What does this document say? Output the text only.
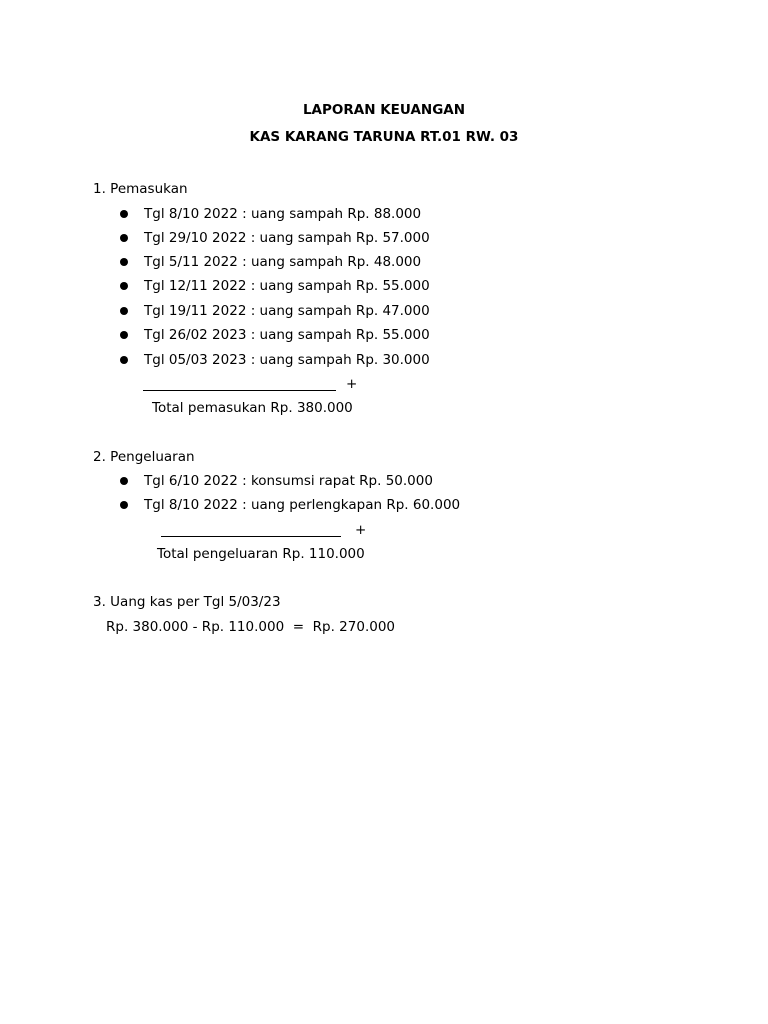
LAPORAN KEUANGAN
KAS KARANG TARUNA RT.01 RW. 03
1. Pemasukan
Tgl 8/10 2022 : uang sampah Rp. 88.000
Tgl 29/10 2022 : uang sampah Rp. 57.000
Tgl 5/11 2022 : uang sampah Rp. 48.000
Tgl 12/11 2022 : uang sampah Rp. 55.000
Tgl 19/11 2022 : uang sampah Rp. 47.000
Tgl 26/02 2023 : uang sampah Rp. 55.000
Tgl 05/03 2023 : uang sampah Rp. 30.000
+
Total pemasukan Rp. 380.000
2. Pengeluaran
Tgl 6/10 2022 : konsumsi rapat Rp. 50.000
Tgl 8/10 2022 : uang perlengkapan Rp. 60.000
+
Total pengeluaran Rp. 110.000
3. Uang kas per Tgl 5/03/23
Rp. 380.000 - Rp. 110.000  =  Rp. 270.000
